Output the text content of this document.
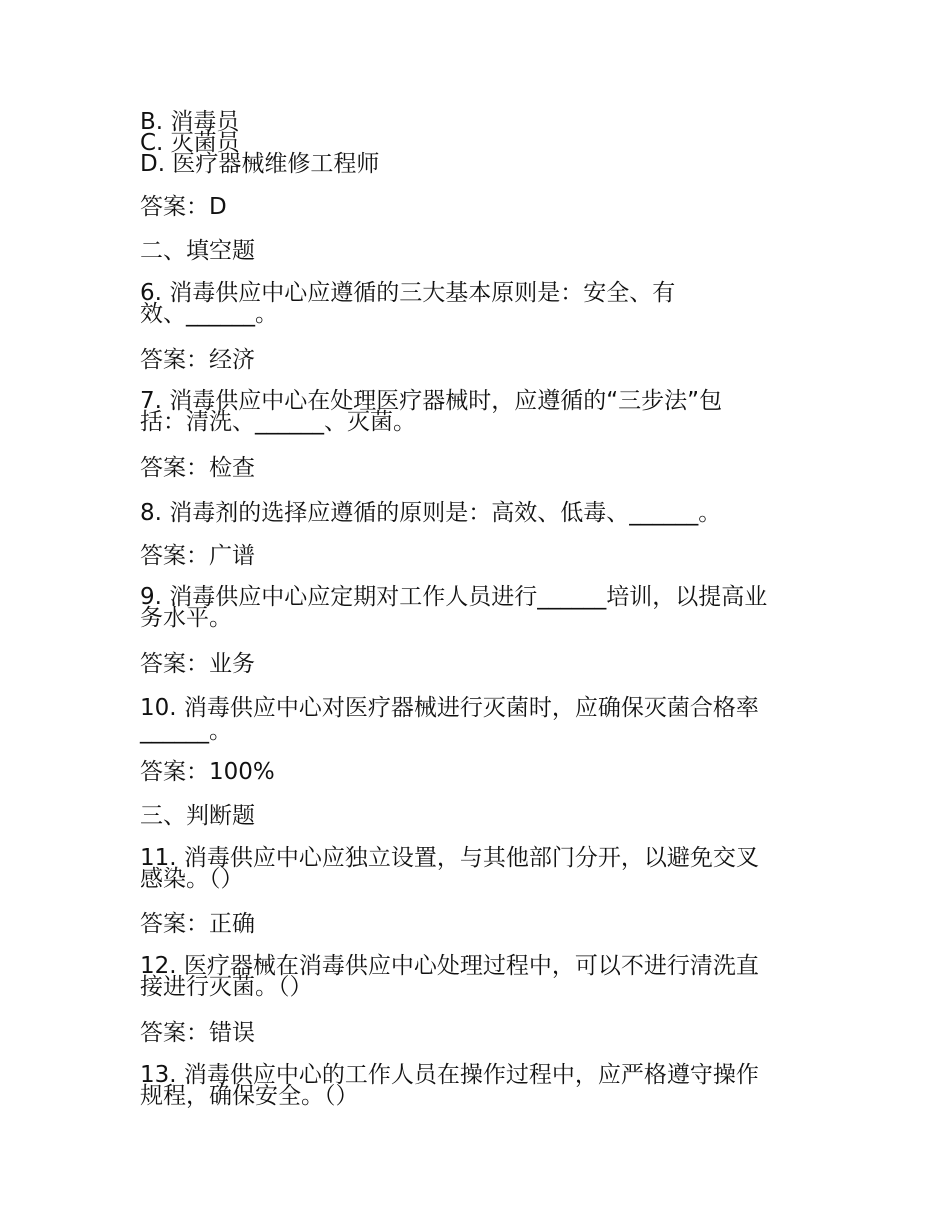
B. 消毒员

C. 灭菌员

D. 医疗器械维修工程师

答案：D

二、填空题

6. 消毒供应中心应遵循的三大基本原则是：安全、有

效、______。

答案：经济

7. 消毒供应中心在处理医疗器械时，应遵循的“三步法”包

括：清洗、______、灭菌。

答案：检查

8. 消毒剂的选择应遵循的原则是：高效、低毒、______。

答案：广谱

9. 消毒供应中心应定期对工作人员进行______培训，以提高业

务水平。

答案：业务

10. 消毒供应中心对医疗器械进行灭菌时，应确保灭菌合格率

______。

答案：100%

三、判断题

11. 消毒供应中心应独立设置，与其他部门分开，以避免交叉

感染。（）

答案：正确

12. 医疗器械在消毒供应中心处理过程中，可以不进行清洗直

接进行灭菌。（）

答案：错误

13. 消毒供应中心的工作人员在操作过程中，应严格遵守操作

规程，确保安全。（）
